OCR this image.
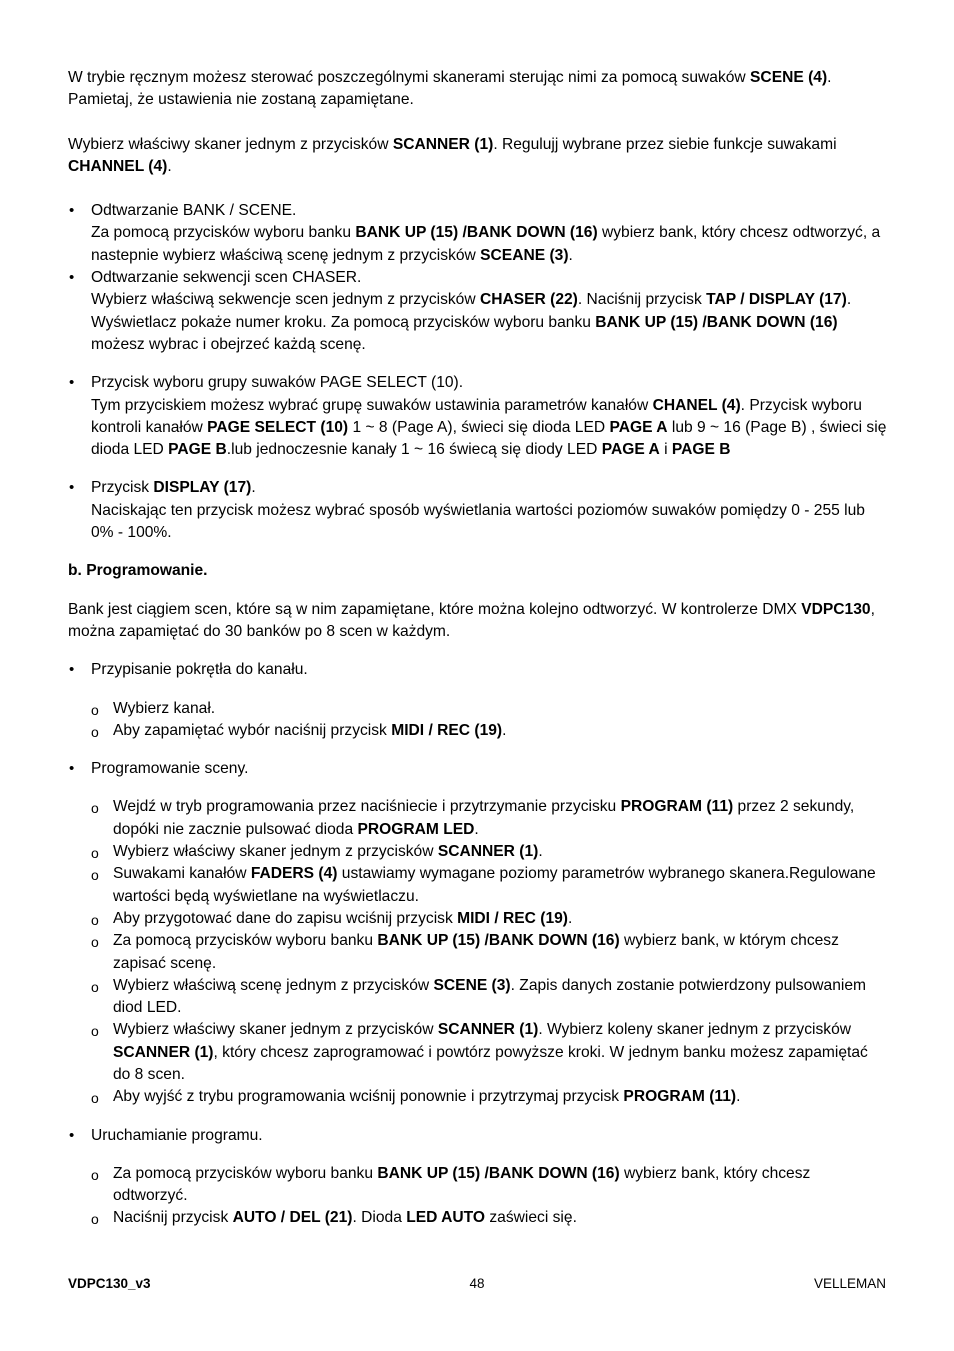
W trybie ręcznym możesz sterować poszczególnymi skanerami sterując nimi za pomocą suwaków SCENE (4). Pamietaj, że ustawienia nie zostaną zapamiętane.

Wybierz właściwy skaner jednym z przycisków SCANNER (1). Regulujj wybrane przez siebie funkcje suwakami CHANNEL (4).

• Odtwarzanie BANK / SCENE.
Za pomocą przycisków wyboru banku BANK UP (15) /BANK DOWN (16) wybierz bank, który chcesz odtworzyć, a nastepnie wybierz właściwą scenę jednym z przycisków SCEANE (3).
• Odtwarzanie sekwencji scen CHASER.
Wybierz właściwą sekwencje scen jednym z przycisków CHASER (22). Naciśnij przycisk TAP / DISPLAY (17). Wyświetlacz pokaże numer kroku. Za pomocą przycisków wyboru banku BANK UP (15) /BANK DOWN (16) możesz wybrac i obejrzeć każdą scenę.
• Przycisk wyboru grupy suwaków PAGE SELECT (10).
Tym przyciskiem możesz wybrać grupę suwaków ustawinia parametrów kanałów CHANEL (4). Przycisk wyboru kontroli kanałów PAGE SELECT (10) 1 ~ 8 (Page A), świeci się dioda LED PAGE A lub 9 ~ 16 (Page B) , świeci się dioda LED PAGE B.lub jednoczesnie kanały 1 ~ 16 świecą się diody LED PAGE A i PAGE B
• Przycisk DISPLAY (17).
Naciskając ten przycisk możesz wybrać sposób wyświetlania wartości poziomów suwaków pomiędzy 0 - 255 lub 0% - 100%.

b. Programowanie.

Bank jest ciągiem scen, które są w nim zapamiętane, które można kolejno odtworzyć. W kontrolerze DMX VDPC130, można zapamiętać do 30 banków po 8 scen w każdym.

• Przypisanie pokrętła do kanału.
o Wybierz kanał.
o Aby zapamiętać wybór naciśnij przycisk MIDI / REC (19).
• Programowanie sceny.
o Wejdź w tryb programowania przez naciśniecie i przytrzymanie przycisku PROGRAM (11) przez 2 sekundy, dopóki nie zacznie pulsować dioda PROGRAM LED.
o Wybierz właściwy skaner jednym z przycisków SCANNER (1).
o Suwakami kanałów FADERS (4) ustawiamy wymagane poziomy parametrów wybranego skanera.Regulowane wartości będą wyświetlane na wyświetlaczu.
o Aby przygotować dane do zapisu wciśnij przycisk MIDI / REC (19).
o Za pomocą przycisków wyboru banku BANK UP (15) /BANK DOWN (16) wybierz bank, w którym chcesz zapisać scenę.
o Wybierz właściwą scenę jednym z przycisków SCENE (3). Zapis danych zostanie potwierdzony pulsowaniem diod LED.
o Wybierz właściwy skaner jednym z przycisków SCANNER (1). Wybierz koleny skaner jednym z przycisków SCANNER (1), który chcesz zaprogramować i powtórz powyższe kroki. W jednym banku możesz zapamiętać do 8 scen.
o Aby wyjść z trybu programowania wciśnij ponownie i przytrzymaj przycisk PROGRAM (11).
• Uruchamianie programu.
o Za pomocą przycisków wyboru banku BANK UP (15) /BANK DOWN (16) wybierz bank, który chcesz odtworzyć.
o Naciśnij przycisk AUTO / DEL (21). Dioda LED AUTO zaświeci się.
VDPC130_v3	48	VELLEMAN
